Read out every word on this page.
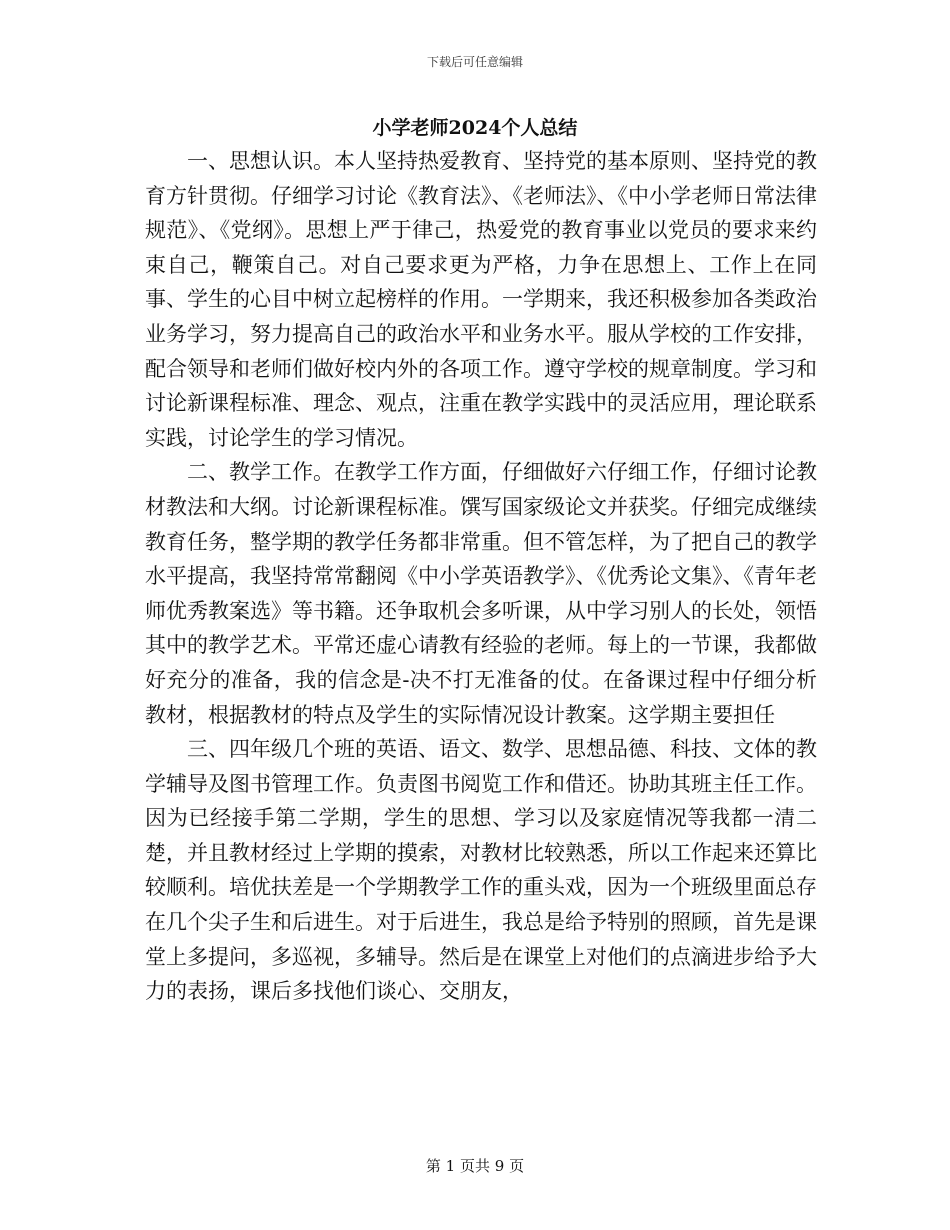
下载后可任意编辑
小学老师2024个人总结

一、思想认识。本人坚持热爱教育、坚持党的基本原则、坚持党的教育方针贯彻。仔细学习讨论《教育法》、《老师法》、《中小学老师日常法律规范》、《党纲》。思想上严于律己，热爱党的教育事业以党员的要求来约束自己，鞭策自己。对自己要求更为严格，力争在思想上、工作上在同事、学生的心目中树立起榜样的作用。一学期来，我还积极参加各类政治业务学习，努力提高自己的政治水平和业务水平。服从学校的工作安排，配合领导和老师们做好校内外的各项工作。遵守学校的规章制度。学习和讨论新课程标准、理念、观点，注重在教学实践中的灵活应用，理论联系实践，讨论学生的学习情况。

二、教学工作。在教学工作方面，仔细做好六仔细工作，仔细讨论教材教法和大纲。讨论新课程标准。馔写国家级论文并获奖。仔细完成继续教育任务，整学期的教学任务都非常重。但不管怎样，为了把自己的教学水平提高，我坚持常常翻阅《中小学英语教学》、《优秀论文集》、《青年老师优秀教案选》等书籍。还争取机会多听课，从中学习别人的长处，领悟其中的教学艺术。平常还虚心请教有经验的老师。每上的一节课，我都做好充分的准备，我的信念是-决不打无准备的仗。在备课过程中仔细分析教材，根据教材的特点及学生的实际情况设计教案。这学期主要担任

三、四年级几个班的英语、语文、数学、思想品德、科技、文体的教学辅导及图书管理工作。负责图书阅览工作和借还。协助其班主任工作。因为已经接手第二学期，学生的思想、学习以及家庭情况等我都一清二楚，并且教材经过上学期的摸索，对教材比较熟悉，所以工作起来还算比较顺利。培优扶差是一个学期教学工作的重头戏，因为一个班级里面总存在几个尖子生和后进生。对于后进生，我总是给予特别的照顾，首先是课堂上多提问，多巡视，多辅导。然后是在课堂上对他们的点滴进步给予大力的表扬，课后多找他们谈心、交朋友，

第 1 页共 9 页
